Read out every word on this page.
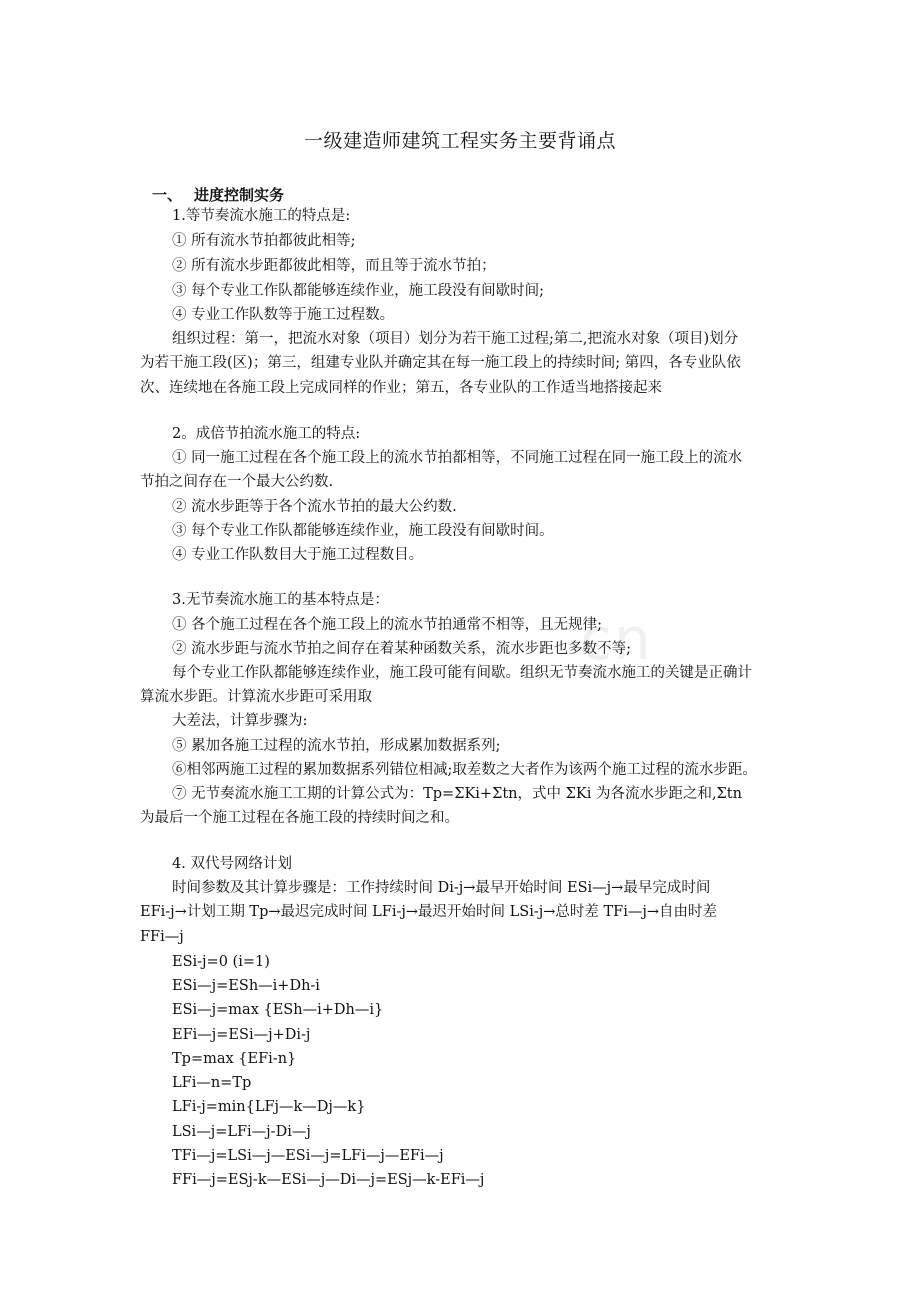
cn
一级建造师建筑工程实务主要背诵点
一、 进度控制实务
1.等节奏流水施工的特点是:
① 所有流水节拍都彼此相等;
② 所有流水步距都彼此相等，而且等于流水节拍；
③ 每个专业工作队都能够连续作业，施工段没有间歇时间;
④ 专业工作队数等于施工过程数。
组织过程：第一，把流水对象（项目）划分为若干施工过程;第二,把流水对象（项目)划分
为若干施工段(区)；第三，组建专业队并确定其在每一施工段上的持续时间; 第四，各专业队依
次、连续地在各施工段上完成同样的作业；第五，各专业队的工作适当地搭接起来
2。成倍节拍流水施工的特点:
① 同一施工过程在各个施工段上的流水节拍都相等，不同施工过程在同一施工段上的流水
节拍之间存在一个最大公约数.
② 流水步距等于各个流水节拍的最大公约数.
③ 每个专业工作队都能够连续作业，施工段没有间歇时间。
④ 专业工作队数目大于施工过程数目。
3.无节奏流水施工的基本特点是：
① 各个施工过程在各个施工段上的流水节拍通常不相等，且无规律;
② 流水步距与流水节拍之间存在着某种函数关系，流水步距也多数不等;
每个专业工作队都能够连续作业，施工段可能有间歇。组织无节奏流水施工的关键是正确计
算流水步距。计算流水步距可采用取
大差法，计算步骤为:
⑤ 累加各施工过程的流水节拍，形成累加数据系列;
⑥相邻两施工过程的累加数据系列错位相减;取差数之大者作为该两个施工过程的流水步距。
⑦ 无节奏流水施工工期的计算公式为：Tp=ΣKi+Σtn，式中 ΣKi 为各流水步距之和,Σtn
为最后一个施工过程在各施工段的持续时间之和。
4. 双代号网络计划
时间参数及其计算步骤是：工作持续时间 Di-j→最早开始时间 ESi—j→最早完成时间
EFi-j→计划工期 Tp→最迟完成时间 LFi-j→最迟开始时间 LSi-j→总时差 TFi—j→自由时差
FFi—j
ESi-j=0 (i=1)
ESi—j=ESh—i+Dh-i
ESi—j=max {ESh—i+Dh—i}
EFi—j=ESi—j+Di-j
Tp=max {EFi-n}
LFi—n=Tp
LFi-j=min{LFj—k—Dj—k}
LSi—j=LFi—j-Di—j
TFi—j=LSi—j—ESi—j=LFi—j—EFi—j
FFi—j=ESj-k—ESi—j—Di—j=ESj—k-EFi—j
